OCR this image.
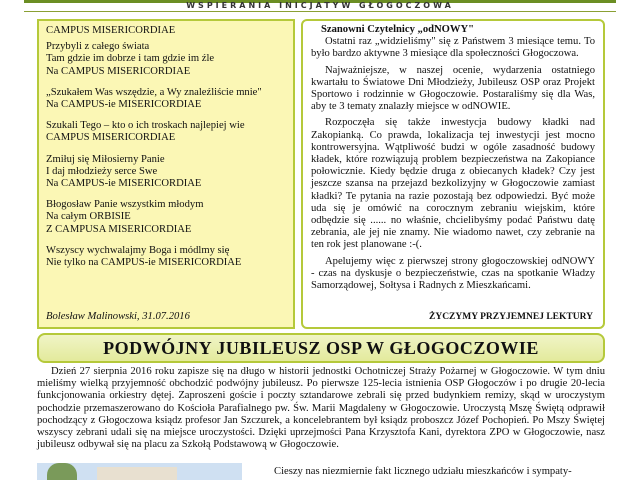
WSPIERANIA INICJATYW GŁOGOCZOWA
CAMPUS MISERICORDIAE
Przybyli z całego świata
Tam gdzie im dobrze i tam gdzie im źle
Na CAMPUS MISERICORDIAE
„Szukałem Was wszędzie, a Wy znaleźliście mnie"
Na CAMPUS-ie MISERICORDIAE
Szukali Tego – kto o ich troskach najlepiej wie
CAMPUS MISERICORDIAE
Zmiłuj się Miłosierny Panie
I daj młodzieży serce Swe
Na CAMPUS-ie MISERICORDIAE
Błogosław Panie wszystkim młodym
Na całym ORBISIE
Z CAMPUSA MISERICORDIAE
Wszyscy wychwalajmy Boga i módlmy się
Nie tylko na CAMPUS-ie MISERICORDIAE
Bolesław Malinowski, 31.07.2016
Szanowni Czytelnicy „odNOWY"

Ostatni raz „widzieliśmy" się z Państwem 3 miesiące temu. To było bardzo aktywne 3 miesiące dla społeczności Głogoczowa.

Najważniejsze, w naszej ocenie, wydarzenia ostatniego kwartału to Światowe Dni Młodzieży, Jubileusz OSP oraz Projekt Sportowo i rodzinnie w Głogoczowie. Postaraliśmy się dla Was, aby te 3 tematy znalazły miejsce w odNOWIE.

Rozpoczęła się także inwestycja budowy kładki nad Zakopianką. Co prawda, lokalizacja tej inwestycji jest mocno kontrowersyjna. Wątpliwość budzi w ogóle zasadność budowy kładek, które rozwiązują problem bezpieczeństwa na Zakopiance połowicznie. Kiedy będzie druga z obiecanych kładek? Czy jest jeszcze szansa na przejazd bezkolizyjny w Głogoczowie zamiast kładki? Te pytania na razie pozostają bez odpowiedzi. Być może uda się je omówić na corocznym zebraniu wiejskim, które odbędzie się ...... no właśnie, chcielibyśmy podać Państwu datę zebrania, ale jej nie znamy. Nie wiadomo nawet, czy zebranie na ten rok jest planowane :-(.

Apelujemy więc z pierwszej strony głogoczowskiej odNOWY - czas na dyskusje o bezpieczeństwie, czas na spotkanie Władzy Samorządowej, Sołtysa i Radnych z Mieszkańcami.

ŻYCZYMY PRZYJEMNEJ LEKTURY
PODWÓJNY JUBILEUSZ OSP W GŁOGOCZOWIE

Dzień 27 sierpnia 2016 roku zapisze się na długo w historii jednostki Ochotniczej Straży Pożarnej w Głogoczowie. W tym dniu mieliśmy wielką przyjemność obchodzić podwójny jubileusz. Po pierwsze 125-lecia istnienia OSP Głogoczów i po drugie 20-lecia funkcjonowania orkiestry dętej. Zaproszeni goście i poczty sztandarowe zebrali się przed budynkiem remizy, skąd w uroczystym pochodzie przemaszerowano do Kościoła Parafialnego pw. Św. Marii Magdaleny w Głogoczowie. Uroczystą Mszę Świętą odprawił pochodzący z Głogoczowa ksiądz profesor Jan Szczurek, a koncelebrantem był ksiądz proboszcz Józef Pochopień. Po Mszy Świętej wszyscy zebrani udali się na miejsce uroczystości. Dzięki uprzejmości Pana Krzysztofa Kani, dyrektora ZPO w Głogoczowie, nasz jubileusz odbywał się na placu za Szkołą Podstawową w Głogoczowie.

Cieszy nas niezmiernie fakt licznego udziału mieszkańców i sympaty-
